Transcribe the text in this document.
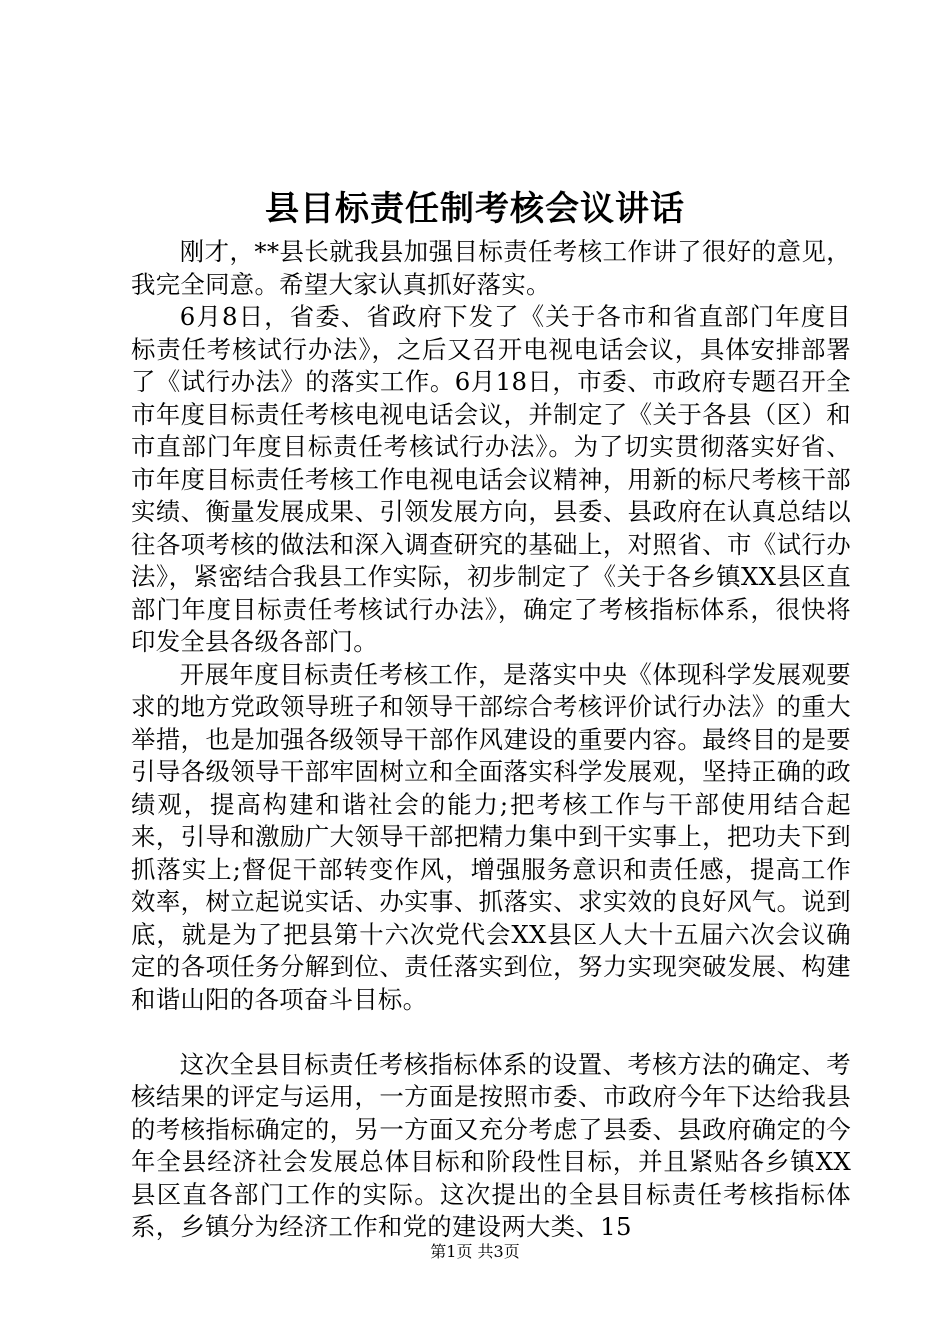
县目标责任制考核会议讲话

刚才，**县长就我县加强目标责任考核工作讲了很好的意见，我完全同意。希望大家认真抓好落实。

6月8日，省委、省政府下发了《关于各市和省直部门年度目标责任考核试行办法》，之后又召开电视电话会议，具体安排部署了《试行办法》的落实工作。6月18日，市委、市政府专题召开全市年度目标责任考核电视电话会议，并制定了《关于各县（区）和市直部门年度目标责任考核试行办法》。为了切实贯彻落实好省、市年度目标责任考核工作电视电话会议精神，用新的标尺考核干部实绩、衡量发展成果、引领发展方向，县委、县政府在认真总结以往各项考核的做法和深入调查研究的基础上，对照省、市《试行办法》，紧密结合我县工作实际，初步制定了《关于各乡镇XX县区直部门年度目标责任考核试行办法》，确定了考核指标体系，很快将印发全县各级各部门。

开展年度目标责任考核工作，是落实中央《体现科学发展观要求的地方党政领导班子和领导干部综合考核评价试行办法》的重大举措，也是加强各级领导干部作风建设的重要内容。最终目的是要引导各级领导干部牢固树立和全面落实科学发展观，坚持正确的政绩观，提高构建和谐社会的能力;把考核工作与干部使用结合起来，引导和激励广大领导干部把精力集中到干实事上，把功夫下到抓落实上;督促干部转变作风，增强服务意识和责任感，提高工作效率，树立起说实话、办实事、抓落实、求实效的良好风气。说到底，就是为了把县第十六次党代会XX县区人大十五届六次会议确定的各项任务分解到位、责任落实到位，努力实现突破发展、构建和谐山阳的各项奋斗目标。

这次全县目标责任考核指标体系的设置、考核方法的确定、考核结果的评定与运用，一方面是按照市委、市政府今年下达给我县的考核指标确定的，另一方面又充分考虑了县委、县政府确定的今年全县经济社会发展总体目标和阶段性目标，并且紧贴各乡镇XX县区直各部门工作的实际。这次提出的全县目标责任考核指标体系，乡镇分为经济工作和党的建设两大类、15

第1页 共3页
